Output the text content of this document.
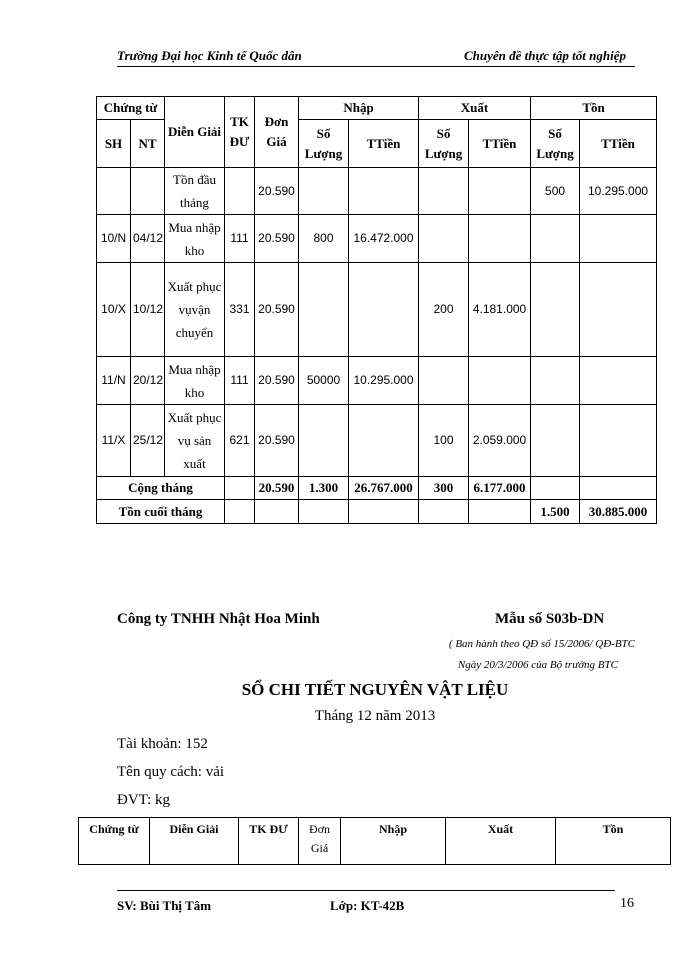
Trường Đại học Kinh tế Quốc dân	Chuyên đề thực tập tốt nghiệp
Chứng từ		Diễn Giải	TK ĐƯ	Đơn Giá	Nhập		Xuất		Tồn	
SH	NT				Số Lượng	TTiền	Số Lượng	TTiền	Số Lượng	TTiền
		Tồn đầu tháng		20.590					500	10.295.000
10/N	04/12	Mua nhập kho	111	20.590	800	16.472.000				
10/X	10/12	Xuất phục vụvận chuyển	331	20.590			200	4.181.000		
11/N	20/12	Mua nhập kho	111	20.590	50000	10.295.000				
11/X	25/12	Xuất phục vụ sản xuất	621	20.590			100	2.059.000		
Cộng tháng				20.590	1.300	26.767.000	300	6.177.000		
Tồn cuối tháng									1.500	30.885.000
Công ty TNHH Nhật Hoa Minh	Mẫu số S03b-DN
( Ban hành theo QĐ số 15/2006/ QĐ-BTC
Ngày 20/3/2006 của Bộ trưởng BTC
SỔ CHI TIẾT NGUYÊN VẬT LIỆU
Tháng 12 năm 2013
Tài khoản: 152
Tên quy cách: vải
ĐVT: kg
Chứng từ	Diễn Giải	TK ĐƯ	Đơn Giá	Nhập	Xuất	Tồn
SV: Bùi Thị Tâm	Lớp: KT-42B	16
